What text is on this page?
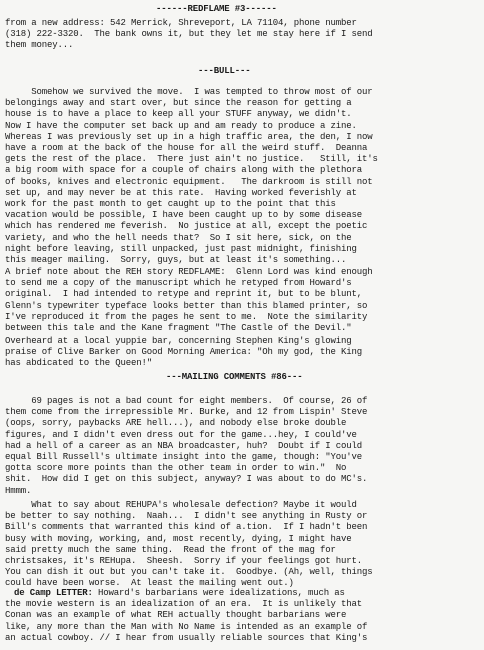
------REDFLAME #3------
from a new address: 542 Merrick, Shreveport, LA 71104, phone number
(318) 222-3320.  The bank owns it, but they let me stay here if I send
them money...
---BULL---
Somehow we survived the move.  I was tempted to throw most of our
belongings away and start over, but since the reason for getting a
house is to have a place to keep all your STUFF anyway, we didn't.
Now I have the computer set back up and am ready to produce a zine.
Whereas I was previously set up in a high traffic area, the den, I now
have a room at the back of the house for all the weird stuff.  Deanna
gets the rest of the place.  There just ain't no justice.   Still, it's
a big room with space for a couple of chairs along with the plethora
of books, knives and electronic equipment.   The darkroom is still not
set up, and may never be at this rate.  Having worked feverishly at
work for the past month to get caught up to the point that this
vacation would be possible, I have been caught up to by some disease
which has rendered me feverish.  No justice at all, except the poetic
variety, and who the hell needs that?  So I sit here, sick, on the
night before leaving, still unpacked, just past midnight, finishing
this meager mailing.  Sorry, guys, but at least it's something...
A brief note about the REH story REDFLAME:  Glenn Lord was kind enough
to send me a copy of the manuscript which he retyped from Howard's
original.  I had intended to retype and reprint it, but to be blunt,
Glenn's typewriter typeface looks better than this blamed printer, so
I've reproduced it from the pages he sent to me.  Note the similarity
between this tale and the Kane fragment "The Castle of the Devil."
Overheard at a local yuppie bar, concerning Stephen King's glowing
praise of Clive Barker on Good Morning America: "Oh my god, the King
has abdicated to the Queen!"
---MAILING COMMENTS #86---
69 pages is not a bad count for eight members.  Of course, 26 of
them come from the irrepressible Mr. Burke, and 12 from Lispin' Steve
(oops, sorry, paybacks ARE hell...), and nobody else broke double
figures, and I didn't even dress out for the game...hey, I could've
had a hell of a career as an NBA broadcaster, huh?  Doubt if I could
equal Bill Russell's ultimate insight into the game, though: "You've
gotta score more points than the other team in order to win."  No
shit.  How did I get on this subject, anyway? I was about to do MC's.
Hmmm.
What to say about REHUPA's wholesale defection? Maybe it would
be better to say nothing.  Naah...  I didn't see anything in Rusty or
Bill's comments that warranted this kind of a.tion.  If I hadn't been
busy with moving, working, and, most recently, dying, I might have
said pretty much the same thing.  Read the front of the mag for
christsakes, it's REHupa.  Sheesh.  Sorry if your feelings got hurt.
You can dish it out but you can't take it.  Goodbye. (Ah, well, things
could have been worse.  At least the mailing went out.)
de Camp LETTER: Howard's barbarians were idealizations, much as
the movie western is an idealization of an era.  It is unlikely that
Conan was an example of what REH actually thought barbarians were
like, any more than the Man with No Name is intended as an example of
an actual cowboy. // I hear from usually reliable sources that King's
